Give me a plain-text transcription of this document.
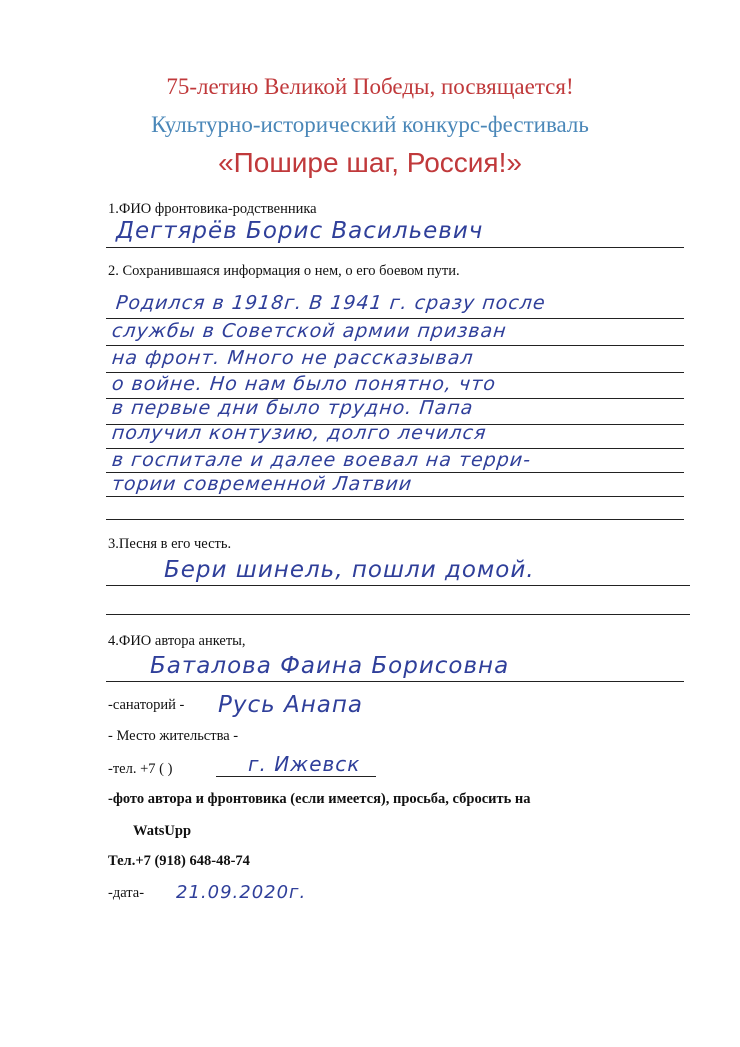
75-летию Великой Победы, посвящается!
Культурно-исторический конкурс-фестиваль
«Пошире шаг, Россия!»
1.ФИО фронтовика-родственника
Дегтярёв Борис Васильевич
2. Сохранившаяся информация о нем, о его боевом пути.
Родился в 1918г. В 1941 г. сразу после
службы в Советской армии призван
на фронт. Много не рассказывал
о войне. Но нам было понятно, что
в первые дни было трудно. Папа
получил контузию, долго лечился
в госпитале и далее воевал на терри-
тории современной Латвии
3.Песня в его честь.
Бери шинель, пошли домой.
4.ФИО автора анкеты,
Баталова Фаина Борисовна
-санаторий - Русь Анапа
- Место жительства -
-тел. +7 ( )	г. Ижевск
-фото автора и фронтовика (если имеется), просьба, сбросить на
WatsUpp
Тел.+7 (918) 648-48-74
-дата- 21.09.2020г.
